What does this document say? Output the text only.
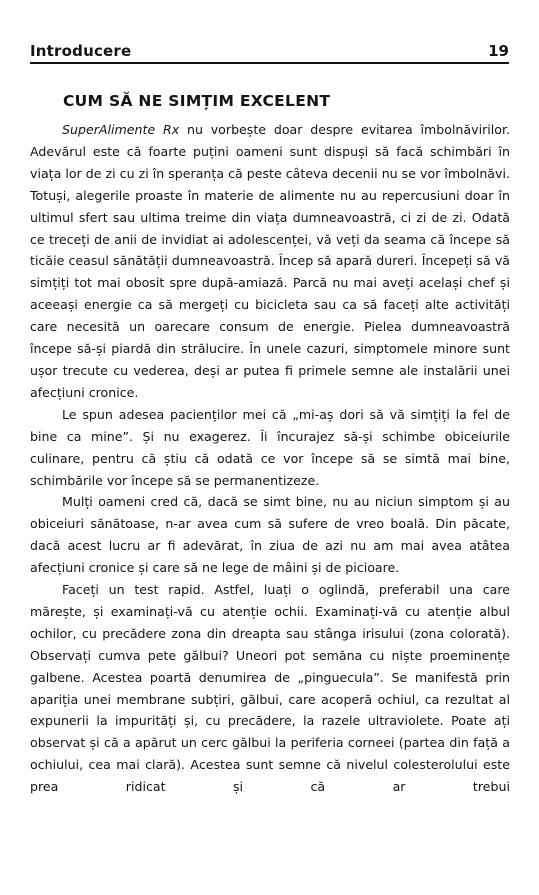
Introducere	19
CUM SĂ NE SIMȚIM EXCELENT

SuperAlimente Rx nu vorbește doar despre evitarea îmbolnăvirilor. Adevărul este că foarte puțini oameni sunt dispuși să facă schimbări în viața lor de zi cu zi în speranța că peste câteva decenii nu se vor îmbolnăvi. Totuși, alegerile proaste în materie de alimente nu au repercusiuni doar în ultimul sfert sau ultima treime din viața dumneavoastră, ci zi de zi. Odată ce treceți de anii de invidiat ai adolescenței, vă veți da seama că începe să ticăie ceasul sănătății dumneavoastră. Încep să apară dureri. Începeți să vă simțiți tot mai obosit spre după-amiază. Parcă nu mai aveți același chef și aceeași energie ca să mergeți cu bicicleta sau ca să faceți alte activități care necesită un oarecare consum de energie. Pielea dumneavoastră începe să-și piardă din strălucire. În unele cazuri, simptomele minore sunt ușor trecute cu vederea, deși ar putea fi primele semne ale instalării unei afecțiuni cronice.

Le spun adesea pacienților mei că „mi-aș dori să vă simțiți la fel de bine ca mine”. Și nu exagerez. Îi încurajez să-și schimbe obiceiurile culinare, pentru că știu că odată ce vor începe să se simtă mai bine, schimbările vor începe să se permanentizeze.

Mulți oameni cred că, dacă se simt bine, nu au niciun simptom și au obiceiuri sănătoase, n-ar avea cum să sufere de vreo boală. Din păcate, dacă acest lucru ar fi adevărat, în ziua de azi nu am mai avea atâtea afecțiuni cronice și care să ne lege de mâini și de picioare.

Faceți un test rapid. Astfel, luați o oglindă, preferabil una care mărește, și examinați-vă cu atenție ochii. Examinați-vă cu atenție albul ochilor, cu precădere zona din dreapta sau stânga irisului (zona colorată). Observați cumva pete gălbui? Uneori pot semăna cu niște proeminențe galbene. Acestea poartă denumirea de „pinguecula”. Se manifestă prin apariția unei membrane subțiri, gălbui, care acoperă ochiul, ca rezultat al expunerii la impurități și, cu precădere, la razele ultraviolete. Poate ați observat și că a apărut un cerc gălbui la periferia corneei (partea din față a ochiului, cea mai clară). Acestea sunt semne că nivelul colesterolului este prea ridicat și că ar trebui
